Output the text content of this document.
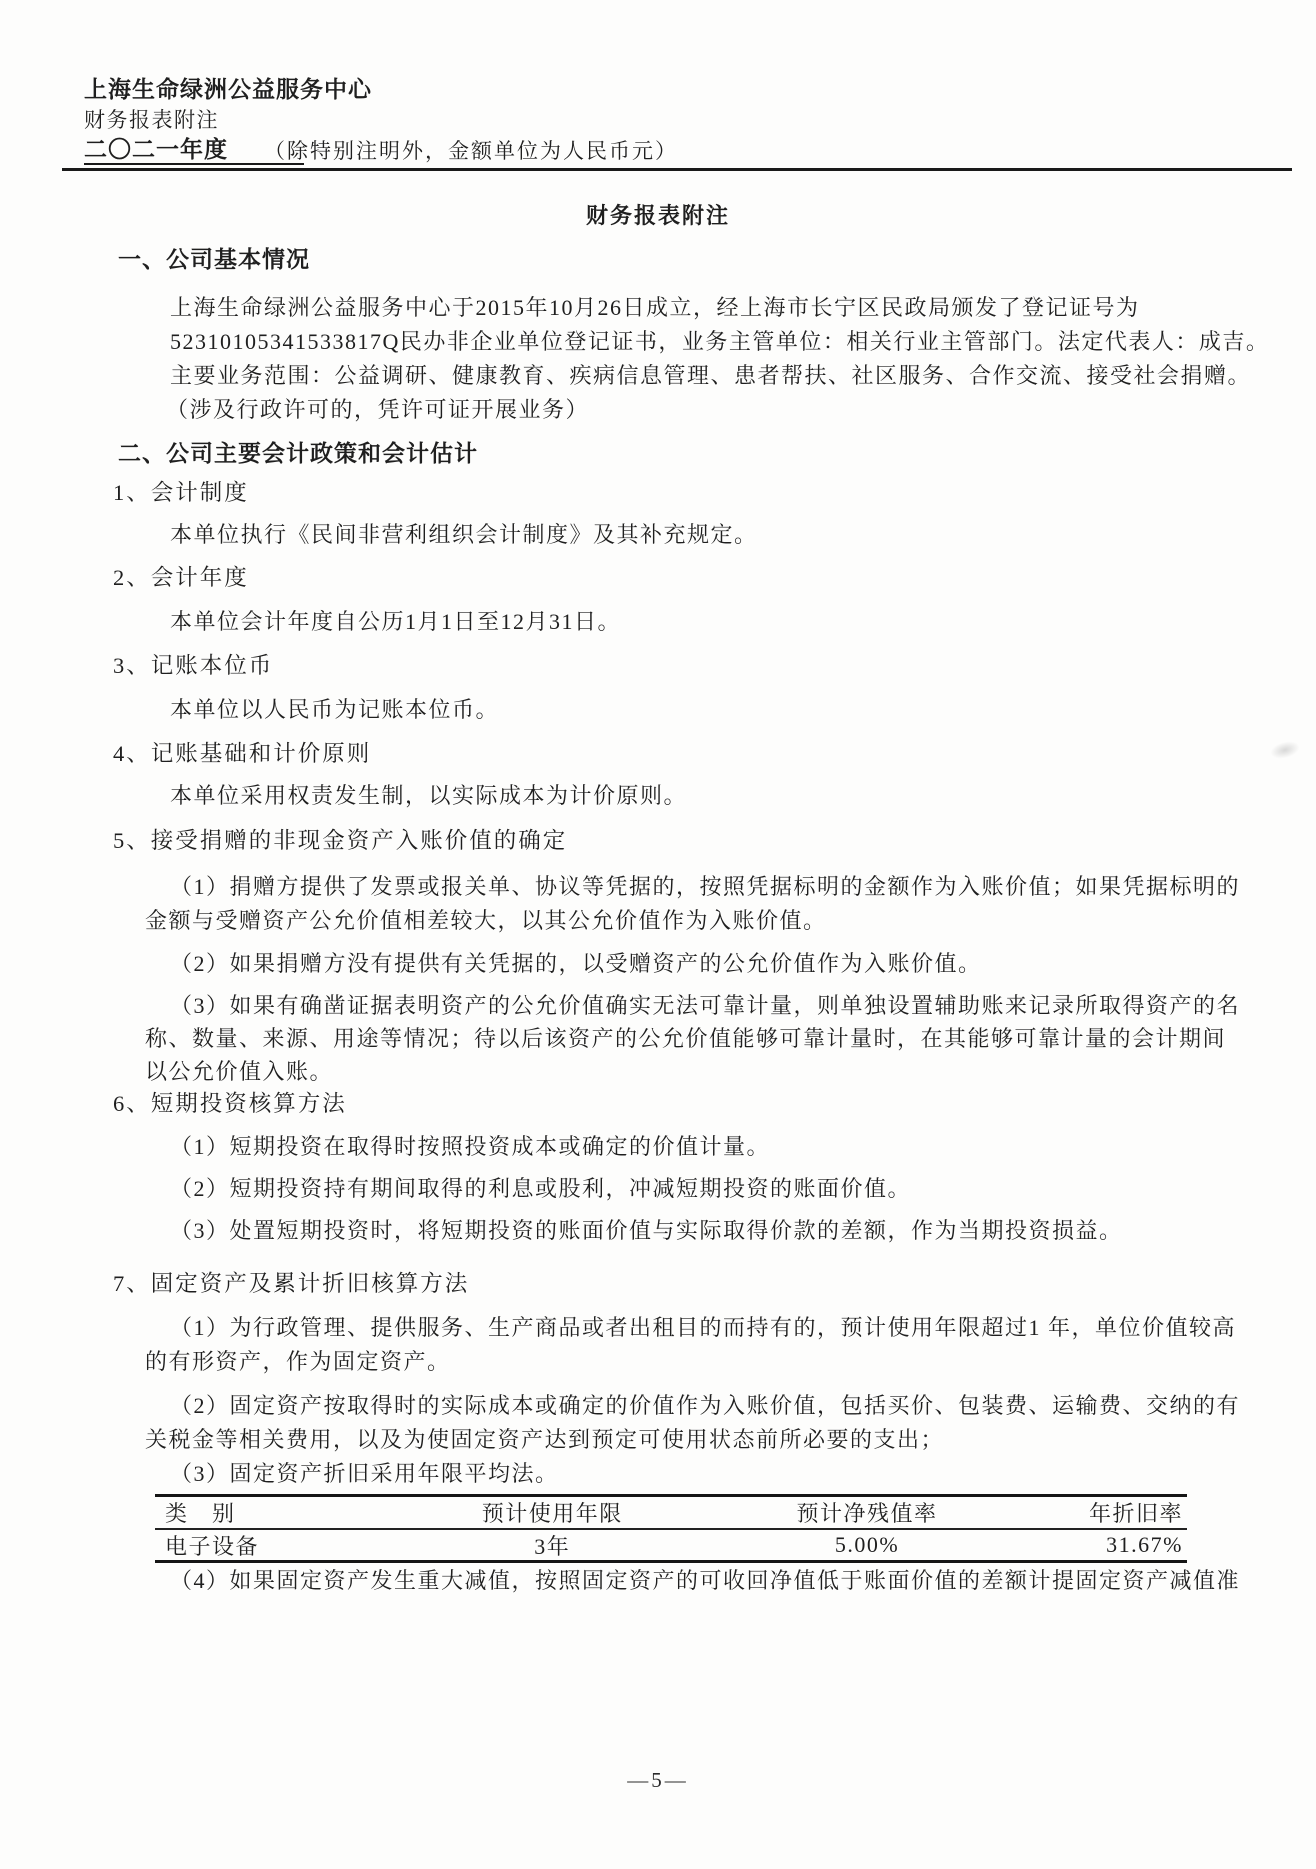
上海生命绿洲公益服务中心
财务报表附注
二〇二一年度 （除特别注明外，金额单位为人民币元）
财务报表附注
一、公司基本情况
上海生命绿洲公益服务中心于2015年10月26日成立，经上海市长宁区民政局颁发了登记证号为
52310105341533817Q民办非企业单位登记证书，业务主管单位：相关行业主管部门。法定代表人：成吉。
主要业务范围：公益调研、健康教育、疾病信息管理、患者帮扶、社区服务、合作交流、接受社会捐赠。
（涉及行政许可的，凭许可证开展业务）
二、公司主要会计政策和会计估计
1、会计制度
本单位执行《民间非营利组织会计制度》及其补充规定。
2、会计年度
本单位会计年度自公历1月1日至12月31日。
3、记账本位币
本单位以人民币为记账本位币。
4、记账基础和计价原则
本单位采用权责发生制，以实际成本为计价原则。
5、接受捐赠的非现金资产入账价值的确定
（1）捐赠方提供了发票或报关单、协议等凭据的，按照凭据标明的金额作为入账价值；如果凭据标明的
金额与受赠资产公允价值相差较大，以其公允价值作为入账价值。
（2）如果捐赠方没有提供有关凭据的，以受赠资产的公允价值作为入账价值。
（3）如果有确凿证据表明资产的公允价值确实无法可靠计量，则单独设置辅助账来记录所取得资产的名
称、数量、来源、用途等情况；待以后该资产的公允价值能够可靠计量时，在其能够可靠计量的会计期间
以公允价值入账。
6、短期投资核算方法
（1）短期投资在取得时按照投资成本或确定的价值计量。
（2）短期投资持有期间取得的利息或股利，冲减短期投资的账面价值。
（3）处置短期投资时，将短期投资的账面价值与实际取得价款的差额，作为当期投资损益。
7、固定资产及累计折旧核算方法
（1）为行政管理、提供服务、生产商品或者出租目的而持有的，预计使用年限超过1 年，单位价值较高
的有形资产，作为固定资产。
（2）固定资产按取得时的实际成本或确定的价值作为入账价值，包括买价、包装费、运输费、交纳的有
关税金等相关费用，以及为使固定资产达到预定可使用状态前所必要的支出；
（3）固定资产折旧采用年限平均法。
类　别	预计使用年限	预计净残值率	年折旧率
电子设备	3年	5.00%	31.67%
（4）如果固定资产发生重大减值，按照固定资产的可收回净值低于账面价值的差额计提固定资产减值准
—5—
